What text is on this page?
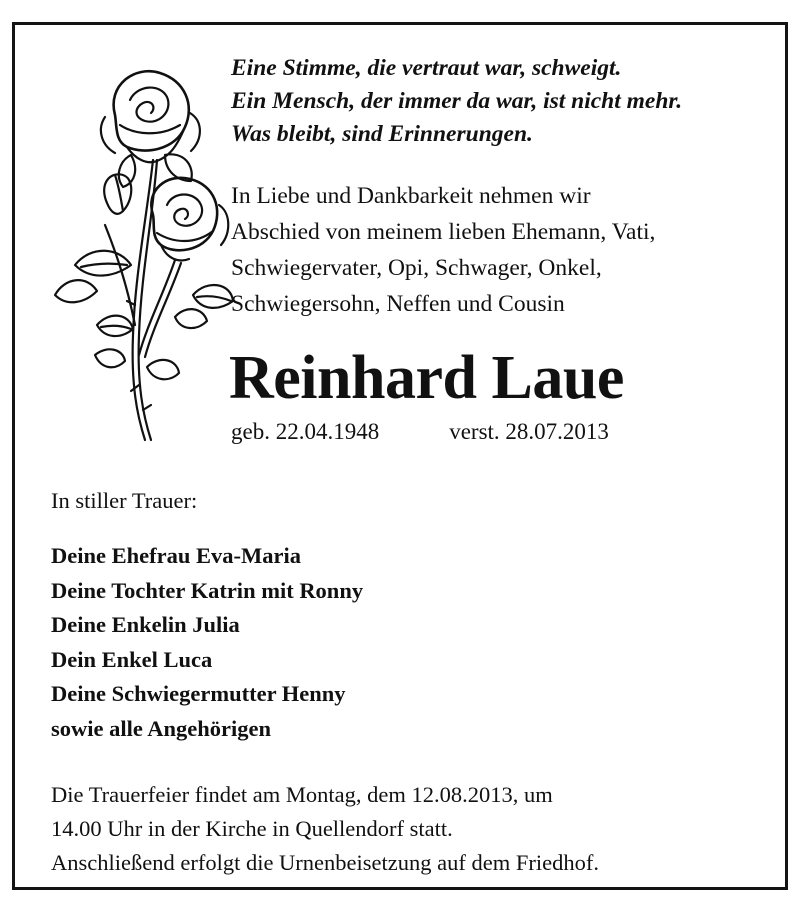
Eine Stimme, die vertraut war, schweigt.
Ein Mensch, der immer da war, ist nicht mehr.
Was bleibt, sind Erinnerungen.
In Liebe und Dankbarkeit nehmen wir
Abschied von meinem lieben Ehemann, Vati,
Schwiegervater, Opi, Schwager, Onkel,
Schwiegersohn, Neffen und Cousin
Reinhard Laue
geb. 22.04.1948	verst. 28.07.2013
In stiller Trauer:
Deine Ehefrau Eva-Maria
Deine Tochter Katrin mit Ronny
Deine Enkelin Julia
Dein Enkel Luca
Deine Schwiegermutter Henny
sowie alle Angehörigen
Die Trauerfeier findet am Montag, dem 12.08.2013, um
14.00 Uhr in der Kirche in Quellendorf statt.
Anschließend erfolgt die Urnenbeisetzung auf dem Friedhof.
